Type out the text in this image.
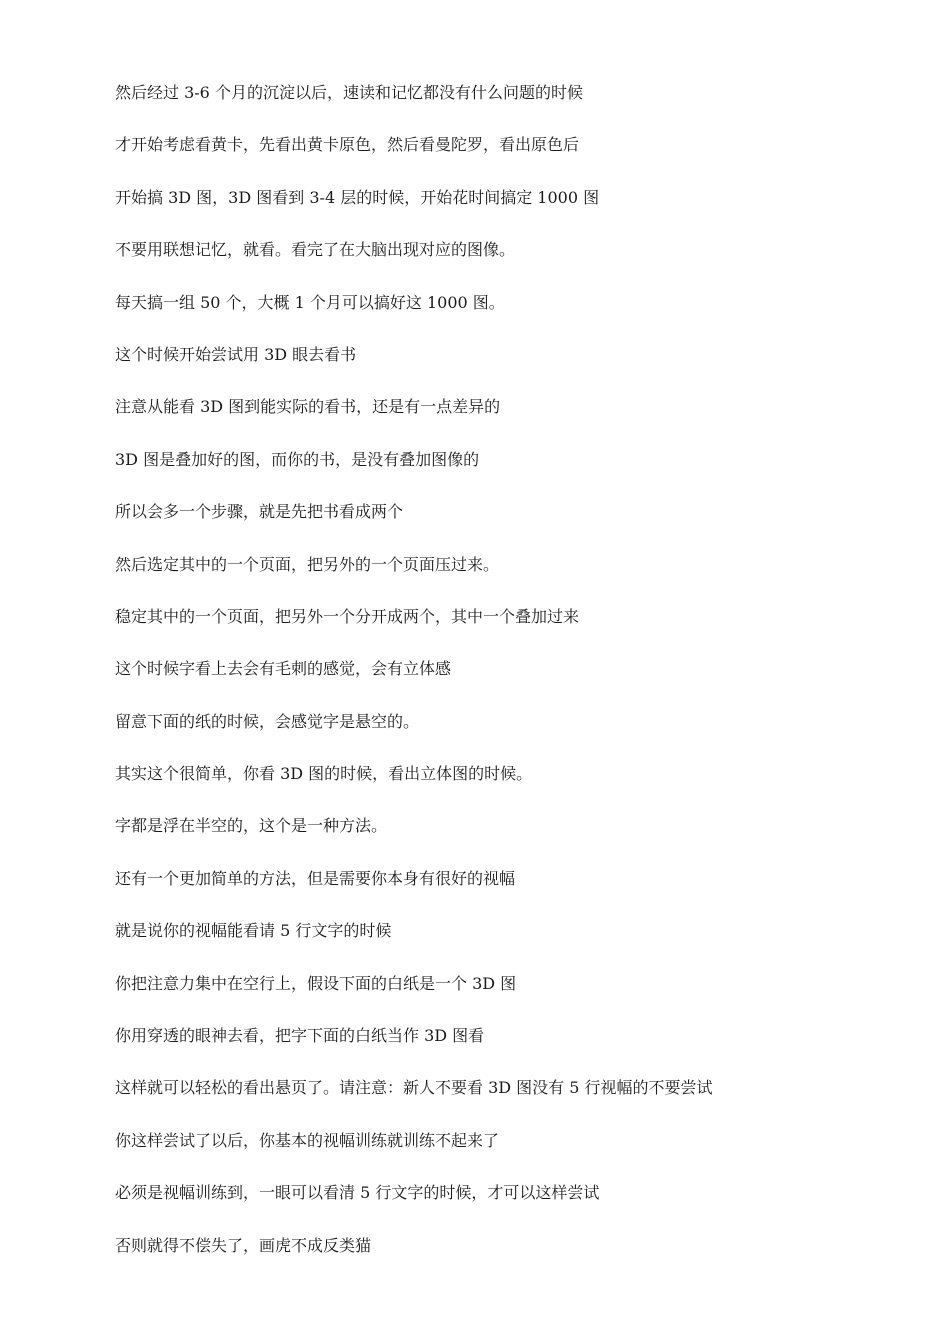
然后经过 3-6 个月的沉淀以后，速读和记忆都没有什么问题的时候

才开始考虑看黄卡，先看出黄卡原色，然后看曼陀罗，看出原色后

开始搞 3D 图，3D 图看到 3-4 层的时候，开始花时间搞定 1000 图

不要用联想记忆，就看。看完了在大脑出现对应的图像。

每天搞一组 50 个，大概 1 个月可以搞好这 1000 图。

这个时候开始尝试用 3D 眼去看书

注意从能看 3D 图到能实际的看书，还是有一点差异的

3D 图是叠加好的图，而你的书，是没有叠加图像的

所以会多一个步骤，就是先把书看成两个

然后选定其中的一个页面，把另外的一个页面压过来。

稳定其中的一个页面，把另外一个分开成两个，其中一个叠加过来

这个时候字看上去会有毛刺的感觉，会有立体感

留意下面的纸的时候，会感觉字是悬空的。

其实这个很简单，你看 3D 图的时候，看出立体图的时候。

字都是浮在半空的，这个是一种方法。

还有一个更加简单的方法，但是需要你本身有很好的视幅

就是说你的视幅能看请 5 行文字的时候

你把注意力集中在空行上，假设下面的白纸是一个 3D 图

你用穿透的眼神去看，把字下面的白纸当作 3D 图看

这样就可以轻松的看出悬页了。请注意：新人不要看 3D 图没有 5 行视幅的不要尝试

你这样尝试了以后，你基本的视幅训练就训练不起来了

必须是视幅训练到，一眼可以看清 5 行文字的时候，才可以这样尝试

否则就得不偿失了，画虎不成反类猫
